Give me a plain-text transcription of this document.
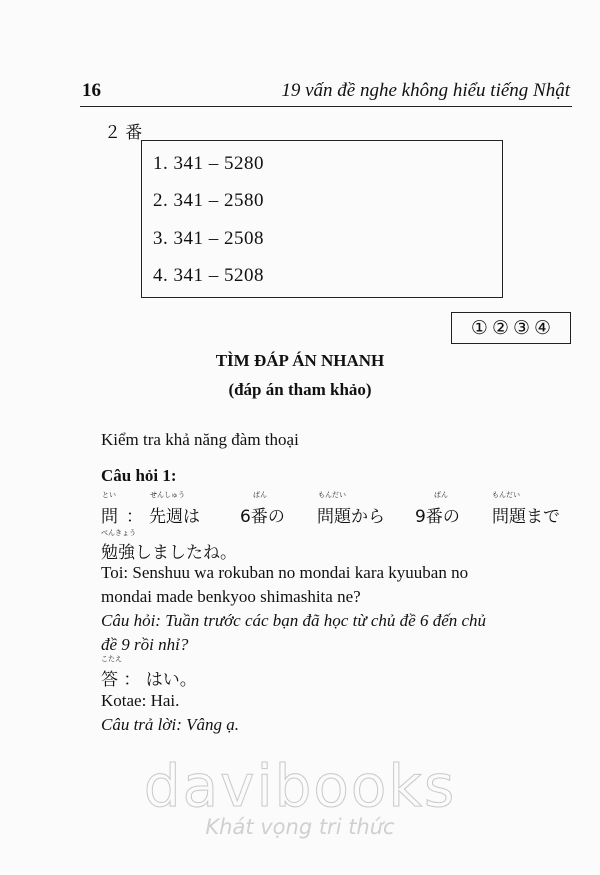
16	19 vấn đề nghe không hiểu tiếng Nhật
２ 番
1. 341 – 5280
2. 341 – 2580
3. 341 – 2508
4. 341 – 5208
① ② ③ ④
TÌM ĐÁP ÁN NHANH
(đáp án tham khảo)
Kiểm tra khả năng đàm thoại
Câu hỏi 1:
とい	せんしゅう	ばん	もんだい	ばん	もんだい
問 ： 先週は 6番の 問題から 9番の 問題まで
べんきょう
勉強しましたね。
Toi: Senshuu wa rokuban no mondai kara kyuuban no
mondai made benkyoo shimashita ne?
Câu hỏi: Tuần trước các bạn đã học từ chủ đề 6 đến chủ
đề 9 rồi nhỉ?
こたえ
答 ： はい。
Kotae: Hai.
Câu trả lời: Vâng ạ.
davibooks
Khát vọng tri thức
